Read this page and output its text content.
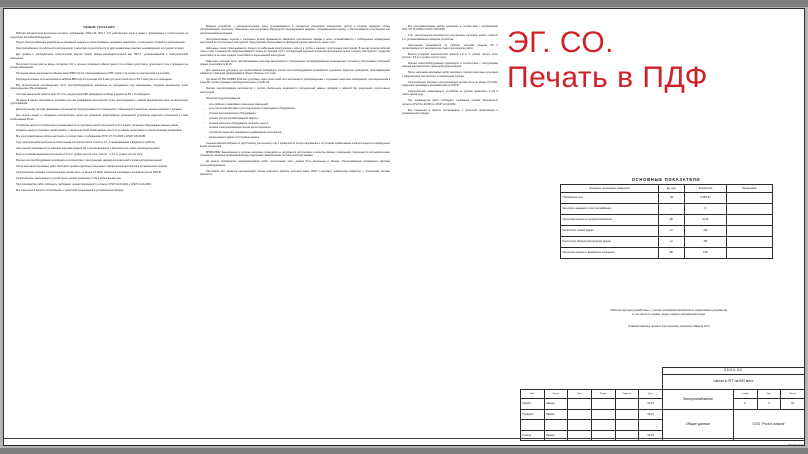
ОБЩИЕ УКАЗАНИЯ

Рабочая документация выполнена согласно требованиям СП31-110, ПУЭ-7, СП, действующих норм и правил, применяемых в строительстве на территории Российской Федерации.

Проект электроснабжения разработан на основании задания на проектирование, выданного заказчиком, и технических условий на присоединение.

Электроснабжение потребителей электроэнергии 1 категории осуществляется от двух независимых взаимно резервирующих источников питания.

Для приёма и распределения электрической энергии принят вводно-распределительный щит ВРУ-1, устанавливаемый в электрощитовой помещения.

Расчётный ток нагрузки на вводе составляет 110 А, сечение питающего кабеля принято по условию допустимого длительного тока и проверено на потерю напряжения.

Питающие линии выполняются кабелем марки ВВГнг(А)-LS, прокладываемым в ПВХ трубах и на лотках по конструкциям и в штробах.

Распределительные сети выполняются кабелем ВВГнг(А)-LS сечением 3х2,5 мм2 для розеточной сети и 3х1,5 мм2 для сети освещения.

Все металлические нетоковедущие части электрооборудования, нормально не находящиеся под напряжением, подлежат заземлению путём присоединения к РЕ-проводнику.

Система заземления принята типа TN-C-S с разделением PEN-проводника на вводе в здание на PE и N проводники.

На вводе в здание выполняется основная система уравнивания потенциалов путём присоединения к главной заземляющей шине металлических трубопроводов.

Дополнительная система уравнивания потенциалов предусматривается в помещениях с повышенной опасностью - ванных комнатах и душевых.

Для защиты людей от поражения электрическим током при косвенном прикосновении применяются устройства защитного отключения с током срабатывания 30 мА.

Устройства защитного отключения устанавливаются на групповых линиях розеточной сети и линиях, питающих оборудование ванных комнат.

Аппараты защиты групповых линий приняты с характеристикой срабатывания типа C по условиям селективности с вышестоящими аппаратами.

Все электромонтажные работы выполнять в соответствии с требованиями ПУЭ, СП 76.13330 и СНиП 3.05.06-85.

Учёт электроэнергии выполняется электронным счётчиком класса точности 1,0, устанавливаемым в вводном устройстве.

Светильники принимаются по рабочим чертежам раздела АР и согласовываются с заказчиком на стадии производства работ.

Высота установки выключателей принята 0,9 м от уровня чистого пола, розеток - 0,3 м от уровня чистого пола.

Монтаж электрооборудования производить в соответствии с инструкциями заводов-изготовителей и проектной документацией.

После окончания монтажных работ выполнить приёмо-сдаточные испытания с оформлением протоколов в установленном порядке.

Сопротивление изоляции электропроводок должно быть не менее 0,5 МОм, измерения производить мегаомметром на 1000 В.

Сопротивление заземляющего устройства не должно превышать 4 Ом в любое время года.

При производстве работ соблюдать требования техники безопасности согласно СНиП 12-03-2001 и СНиП 12-04-2002.

Все изменения в проекте согласовывать с проектной организацией в установленном порядке.

Вводные устройства и распределительные щиты устанавливаются в специально отведённых помещениях, доступ в которые разрешён только обслуживающему персоналу. Помещения электрощитовых оборудуются запирающимися дверями, открывающимися наружу, и обеспечиваются естественной или искусственной вентиляцией.

Электромонтажные изделия и крепёжные детали применяются заводского изготовления. Шкафы и щиты устанавливаются с соблюдением нормируемых расстояний до строительных конструкций. Перед щитами обеспечивается свободный проход шириной не менее 1,0 м.

Кабельные линии прокладываются открыто по кабельным конструкциям и скрыто в трубах и каналах строительных конструкций. В местах прохода кабелей через стены и перекрытия предусматриваются гильзы из отрезков труб с последующей заделкой негорючим материалом на всю толщину конструкции с пределом огнестойкости не ниже предела огнестойкости пересекаемой конструкции.

Кабельные проходки через противопожарные преграды выполняются с применением сертифицированных огнезащитных составов и обеспечивают требуемый предел огнестойкости EI 45.

Для заземления доступных для прикосновения проводящих частей электрооборудования применяются отдельные защитные проводники, прокладываемые совместно с фазными проводниками в общей оболочке или трубе.

Согласно СП 256.1325800.2016 все групповые линии розеточной сети выполняются трёхпроводными с отдельным защитным проводником, присоединяемым к шине PE соответствующего распределительного устройства.

Монтаж электропроводок выполняется с учётом обеспечения возможности последующей замены проводов и кабелей без разрушения строительных конструкций.

Проектом предусматривается:

- сеть рабочего и аварийного освещения помещений;
- сеть розеточная бытовая и для подключения стационарного оборудования;
- питание вентиляционного оборудования;
- питание систем противопожарной защиты;
- питание насосного оборудования теплового пункта;
- питание электроприёмников систем диспетчеризации;
- устройство защитного заземления и уравнивания потенциалов;
- молниезащита здания по III уровню защиты.

Сечения кабелей выбраны по допустимому длительному току с проверкой по потере напряжения и по условию срабатывания аппарата защиты в нормируемое время отключения.

ВНИМАНИЕ! Заземляющие и нулевые защитные проводники не допускается использовать в качестве фазных проводников. Запрещается последовательное соединение защитных проводников между отдельными заземляемыми частями электроустановки.

До начала производства электромонтажных работ строительная часть должна быть выполнена в объёме, обеспечивающем возможность монтажа электрооборудования.

Настоящий лист является неотъемлемой частью комплекта рабочих чертежей марки ЭОМ и подлежит применению совместно с остальными листами комплекта.

Все электромонтажные работы выполнять в соответствии с требованиями ПУЭ, СП 76.13330 и СНиП 3.05.06-85.

Учёт электроэнергии выполняется электронным счётчиком класса точности 1,0, устанавливаемым в вводном устройстве.

Светильники принимаются по рабочим чертежам раздела АР и согласовываются с заказчиком на стадии производства работ.

Высота установки выключателей принята 0,9 м от уровня чистого пола, розеток - 0,3 м от уровня чистого пола.

Монтаж электрооборудования производить в соответствии с инструкциями заводов-изготовителей и проектной документацией.

После окончания монтажных работ выполнить приёмо-сдаточные испытания с оформлением протоколов в установленном порядке.

Сопротивление изоляции электропроводок должно быть не менее 0,5 МОм, измерения производить мегаомметром на 1000 В.

Сопротивление заземляющего устройства не должно превышать 4 Ом в любое время года.

При производстве работ соблюдать требования техники безопасности согласно СНиП 12-03-2001 и СНиП 12-04-2002.

Все изменения в проекте согласовывать с проектной организацией в установленном порядке.

ЭГ. СО.
Печать в ПДФ
ОСНОВНЫЕ ПОКАЗАТЕЛИ
Основные технические показатели	Ед. изм.	Количество	Примечание
Напряжение сети	кВ	0,38/0,22	
Категория надёжности электроснабжения	-	III	
Расчётная мощность электропотребления	кВт	51,5k	
Количество этажей здания	шт	20k	
Количество абонентской нагрузки здания	шт	30k	
Расчётная мощность аварийного освещения	кВт	0,5k	
Рабочие чертежи разработаны, с учетом требований безопасности нормативных документов,
в том числе по охране труда и защите окружающей среды.
Главный инженер проекта (при наличии) инициалы /Иванов И.И./
						05/24-ЭС			
						Школа в ЛГТ на 500 мест			
Изм.	Кол.уч	Лист	№ док.	Подпись	Дата	Электроснабжение	Стадия	Лист	Листов
Разраб.	Иванов				05.24		Р	1	19
Проверил	Иванов				05.24	Общие данные	ООО "Рога и копыта"		

Н.контр.	Иванов				05.24				
Формат А4х4
